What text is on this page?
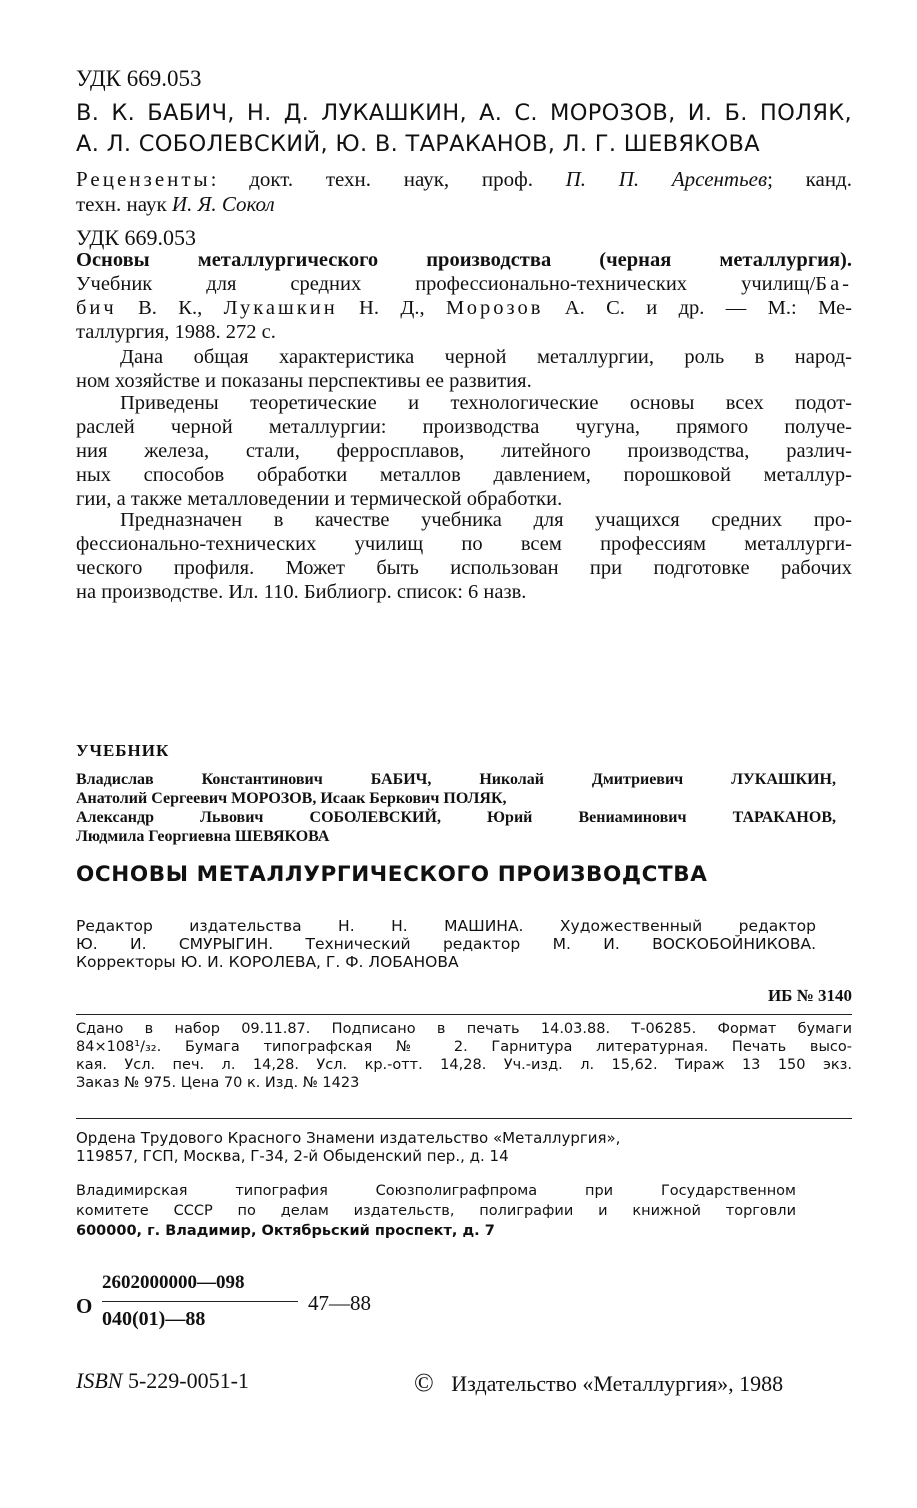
УДК 669.053
В. К. БАБИЧ, Н. Д. ЛУКАШКИН, А. С. МОРОЗОВ, И. Б. ПОЛЯК,
А. Л. СОБОЛЕВСКИЙ, Ю. В. ТАРАКАНОВ, Л. Г. ШЕВЯКОВА
Рецензенты: докт. техн. наук, проф. П. П. Арсентьев; канд.
техн. наук И. Я. Сокол
УДК 669.053
Основы металлургического производства (черная металлургия).
Учебник для средних профессионально-технических училищ/Ба-
бич В. К., Лукашкин Н. Д., Морозов А. С. и др. — М.: Ме-
таллургия, 1988. 272 с.
Дана общая характеристика черной металлургии, роль в народ-
ном хозяйстве и показаны перспективы ее развития.
Приведены теоретические и технологические основы всех подот-
раслей черной металлургии: производства чугуна, прямого получе-
ния железа, стали, ферросплавов, литейного производства, различ-
ных способов обработки металлов давлением, порошковой металлур-
гии, а также металловедении и термической обработки.
Предназначен в качестве учебника для учащихся средних про-
фессионально-технических училищ по всем профессиям металлурги-
ческого профиля. Может быть использован при подготовке рабочих
на производстве. Ил. 110. Библиогр. список: 6 назв.
УЧЕБНИК
Владислав Константинович БАБИЧ, Николай Дмитриевич ЛУКАШКИН,
Анатолий Сергеевич МОРОЗОВ, Исаак Беркович ПОЛЯК,
Александр Львович СОБОЛЕВСКИЙ, Юрий Вениаминович ТАРАКАНОВ,
Людмила Георгиевна ШЕВЯКОВА
ОСНОВЫ МЕТАЛЛУРГИЧЕСКОГО ПРОИЗВОДСТВА
Редактор издательства Н. Н. МАШИНА. Художественный редактор
Ю. И. СМУРЫГИН. Технический редактор М. И. ВОСКОБОЙНИКОВА.
Корректоры Ю. И. КОРОЛЕВА, Г. Ф. ЛОБАНОВА
ИБ № 3140
Сдано в набор 09.11.87. Подписано в печать 14.03.88. Т-06285. Формат бумаги
84×108¹/₃₂. Бумага типографская № 2. Гарнитура литературная. Печать высо-
кая. Усл. печ. л. 14,28. Усл. кр.-отт. 14,28. Уч.-изд. л. 15,62. Тираж 13 150 экз.
Заказ № 975. Цена 70 к. Изд. № 1423
Ордена Трудового Красного Знамени издательство «Металлургия»,
119857, ГСП, Москва, Г-34, 2-й Обыденский пер., д. 14
Владимирская типография Союзполиграфпрома при Государственном
комитете СССР по делам издательств, полиграфии и книжной торговли
600000, г. Владимир, Октябрьский проспект, д. 7
О
2602000000—098
040(01)—88
47—88
ISBN 5-229-0051-1	© Издательство «Металлургия», 1988
